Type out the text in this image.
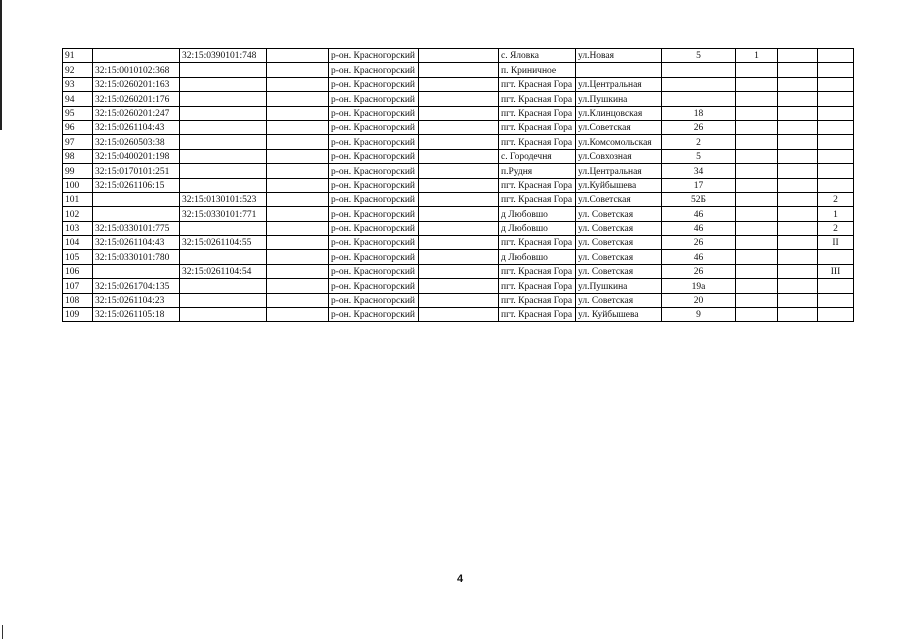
91		32:15:0390101:748		р-он. Красногорский		с. Яловка	ул.Новая	5	1		
92	32:15:0010102:368			р-он. Красногорский		п. Криничное					
93	32:15:0260201:163			р-он. Красногорский		пгт. Красная Гора	ул.Центральная				
94	32:15:0260201:176			р-он. Красногорский		пгт. Красная Гора	ул.Пушкина				
95	32:15:0260201:247			р-он. Красногорский		пгт. Красная Гора	ул.Клинцовская	18			
96	32:15:0261104:43			р-он. Красногорский		пгт. Красная Гора	ул.Советская	26			
97	32:15:0260503:38			р-он. Красногорский		пгт. Красная Гора	ул.Комсомольская	2			
98	32:15:0400201:198			р-он. Красногорский		с. Городечня	ул.Совхозная	5			
99	32:15:0170101:251			р-он. Красногорский		п.Рудня	ул.Центральная	34			
100	32:15:0261106:15			р-он. Красногорский		пгт. Красная Гора	ул.Куйбышева	17			
101		32:15:0130101:523		р-он. Красногорский		пгт. Красная Гора	ул.Советская	52Б			2
102		32:15:0330101:771		р-он. Красногорский		д Любовшо	ул. Советская	46			1
103	32:15:0330101:775			р-он. Красногорский		д Любовшо	ул. Советская	46			2
104	32:15:0261104:43	32:15:0261104:55		р-он. Красногорский		пгт. Красная Гора	ул. Советская	26			II
105	32:15:0330101:780			р-он. Красногорский		д Любовшо	ул. Советская	46			
106		32:15:0261104:54		р-он. Красногорский		пгт. Красная Гора	ул. Советская	26			III
107	32:15:0261704:135			р-он. Красногорский		пгт. Красная Гора	ул.Пушкина	19а			
108	32:15:0261104:23			р-он. Красногорский		пгт. Красная Гора	ул. Советская	20			
109	32:15:0261105:18			р-он. Красногорский		пгт. Красная Гора	ул. Куйбышева	9			
4
